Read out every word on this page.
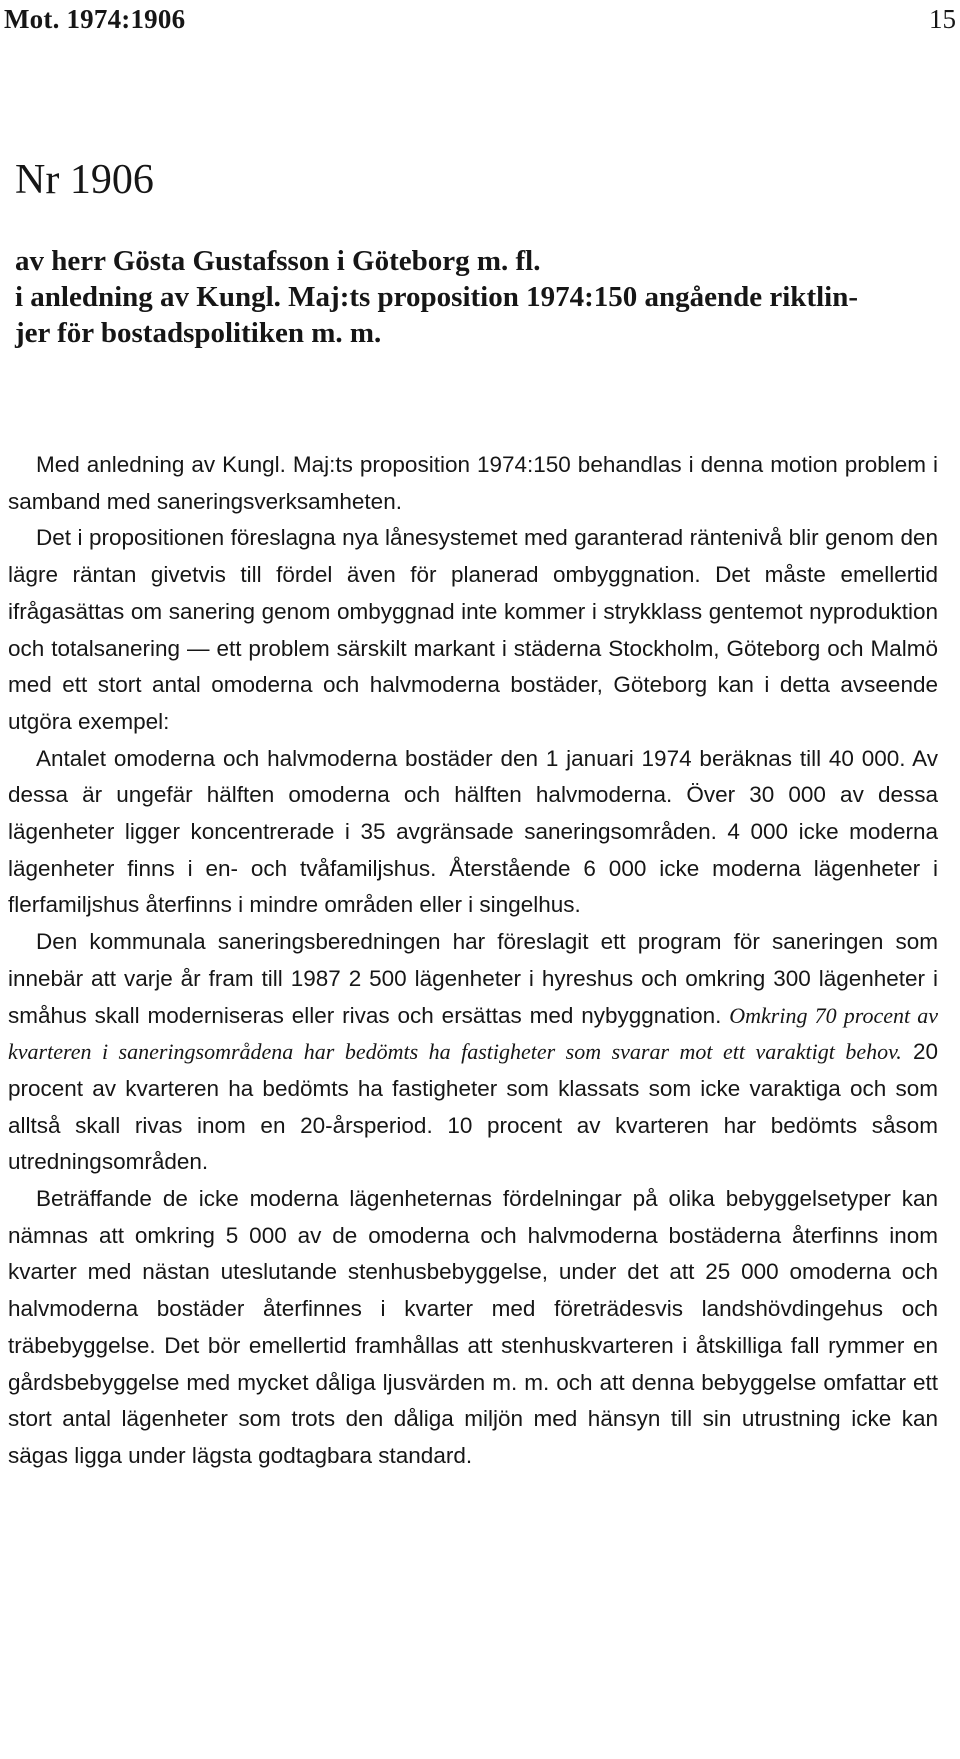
Mot. 1974:1906	15
Nr 1906

av herr Gösta Gustafsson i Göteborg m. fl.

i anledning av Kungl. Maj:ts proposition 1974:150 angående riktlin-

jer för bostadspolitiken m. m.

Med anledning av Kungl. Maj:ts proposition 1974:150 behandlas i denna motion problem i samband med saneringsverksamheten.

Det i propositionen föreslagna nya lånesystemet med garanterad räntenivå blir genom den lägre räntan givetvis till fördel även för planerad ombyggnation. Det måste emellertid ifrågasättas om sanering genom ombyggnad inte kommer i strykklass gentemot nyproduktion och totalsanering — ett problem särskilt markant i städerna Stockholm, Göteborg och Malmö med ett stort antal omoderna och halvmoderna bostäder, Göteborg kan i detta avseende utgöra exempel:

Antalet omoderna och halvmoderna bostäder den 1 januari 1974 beräknas till 40 000. Av dessa är ungefär hälften omoderna och hälften halvmoderna. Över 30 000 av dessa lägenheter ligger koncentrerade i 35 avgränsade saneringsområden. 4 000 icke moderna lägenheter finns i en- och tvåfamiljshus. Återstående 6 000 icke moderna lägenheter i flerfamiljshus återfinns i mindre områden eller i singelhus.

Den kommunala saneringsberedningen har föreslagit ett program för saneringen som innebär att varje år fram till 1987 2 500 lägenheter i hyreshus och omkring 300 lägenheter i småhus skall moderniseras eller rivas och ersättas med nybyggnation. Omkring 70 procent av kvarteren i saneringsområdena har bedömts ha fastigheter som svarar mot ett varaktigt behov. 20 procent av kvarteren ha bedömts ha fastigheter som klassats som icke varaktiga och som alltså skall rivas inom en 20-årsperiod. 10 procent av kvarteren har bedömts såsom utredningsområden.

Beträffande de icke moderna lägenheternas fördelningar på olika bebyggelsetyper kan nämnas att omkring 5 000 av de omoderna och halvmoderna bostäderna återfinns inom kvarter med nästan uteslutande stenhusbebyggelse, under det att 25 000 omoderna och halvmoderna bostäder återfinnes i kvarter med företrädesvis landshövdingehus och träbebyggelse. Det bör emellertid framhållas att stenhuskvarteren i åtskilliga fall rymmer en gårdsbebyggelse med mycket dåliga ljusvärden m. m. och att denna bebyggelse omfattar ett stort antal lägenheter som trots den dåliga miljön med hänsyn till sin utrustning icke kan sägas ligga under lägsta godtagbara standard.
